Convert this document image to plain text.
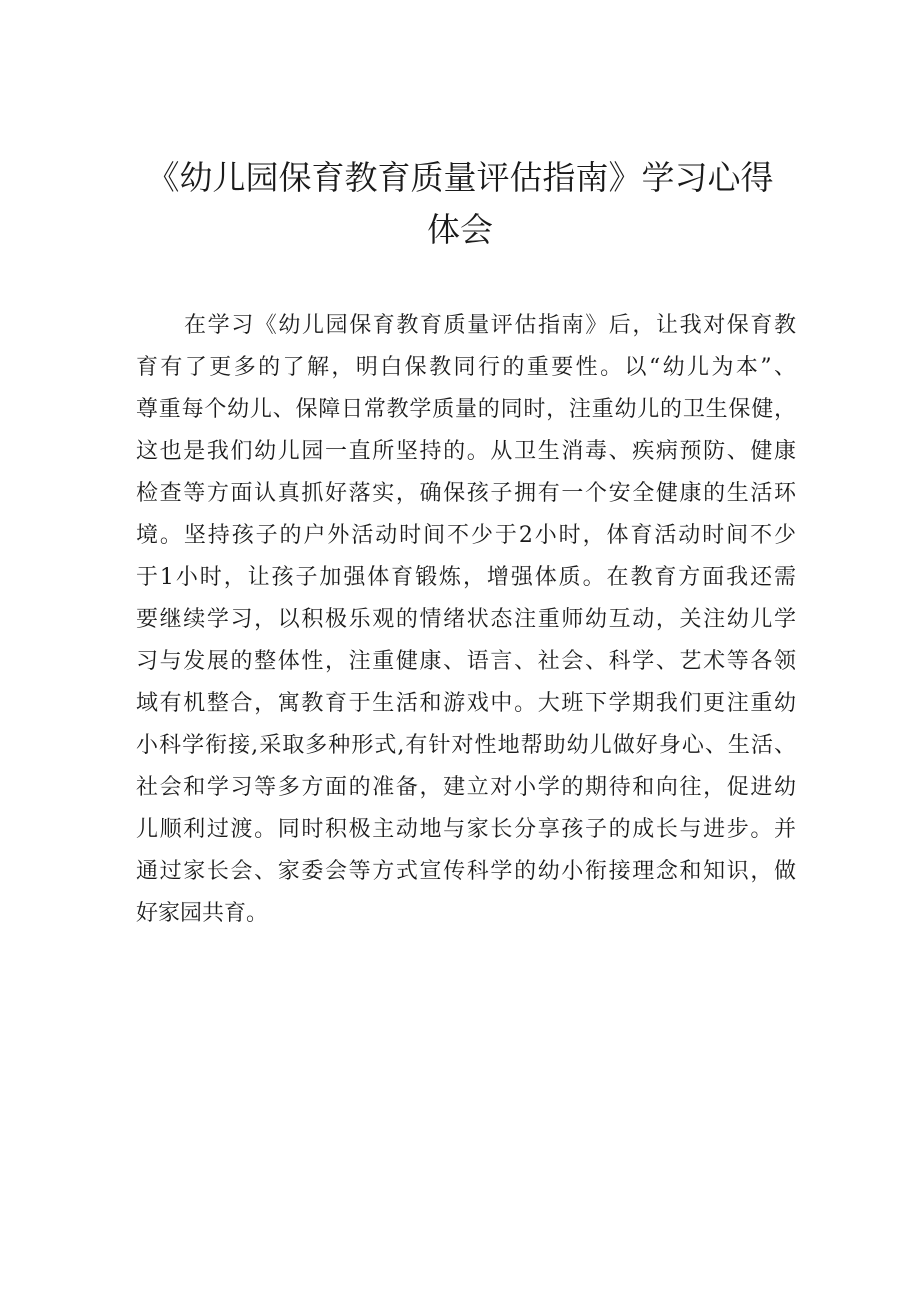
《幼儿园保育教育质量评估指南》学习心得
体会
在学习《幼儿园保育教育质量评估指南》后，让我对保育教
育有了更多的了解，明白保教同行的重要性。以“幼儿为本”、
尊重每个幼儿、保障日常教学质量的同时，注重幼儿的卫生保健，
这也是我们幼儿园一直所坚持的。从卫生消毒、疾病预防、健康
检查等方面认真抓好落实，确保孩子拥有一个安全健康的生活环
境。坚持孩子的户外活动时间不少于2小时，体育活动时间不少
于1小时，让孩子加强体育锻炼，增强体质。在教育方面我还需
要继续学习，以积极乐观的情绪状态注重师幼互动，关注幼儿学
习与发展的整体性，注重健康、语言、社会、科学、艺术等各领
域有机整合，寓教育于生活和游戏中。大班下学期我们更注重幼
小科学衔接,采取多种形式,有针对性地帮助幼儿做好身心、生活、
社会和学习等多方面的准备，建立对小学的期待和向往，促进幼
儿顺利过渡。同时积极主动地与家长分享孩子的成长与进步。并
通过家长会、家委会等方式宣传科学的幼小衔接理念和知识，做
好家园共育。
